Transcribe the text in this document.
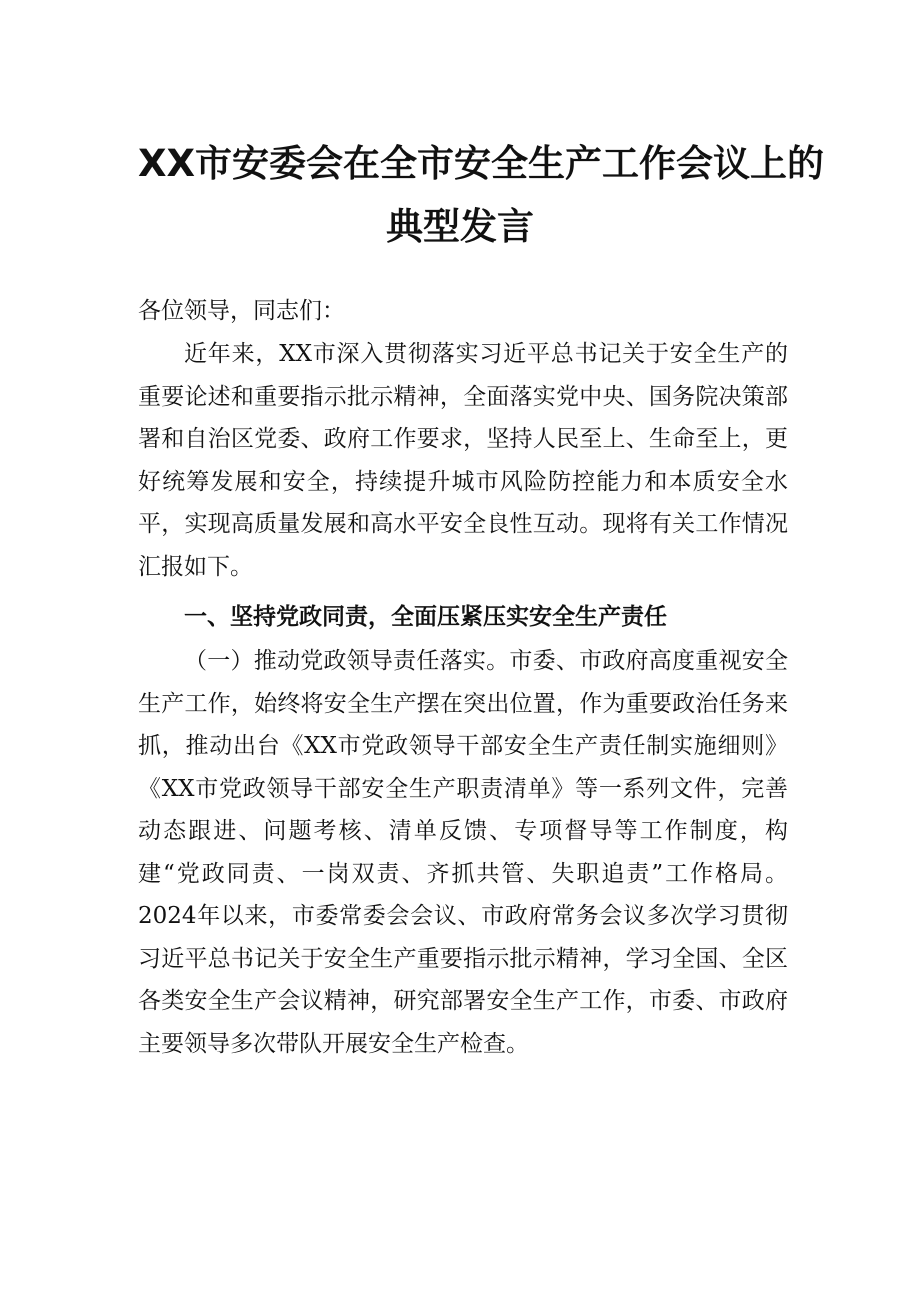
XX市安委会在全市安全生产工作会议上的
典型发言

各位领导，同志们：

近年来，XX市深入贯彻落实习近平总书记关于安全生产的重要论述和重要指示批示精神，全面落实党中央、国务院决策部署和自治区党委、政府工作要求，坚持人民至上、生命至上，更好统筹发展和安全，持续提升城市风险防控能力和本质安全水平，实现高质量发展和高水平安全良性互动。现将有关工作情况汇报如下。

一、坚持党政同责，全面压紧压实安全生产责任

（一）推动党政领导责任落实。市委、市政府高度重视安全生产工作，始终将安全生产摆在突出位置，作为重要政治任务来抓，推动出台《XX市党政领导干部安全生产责任制实施细则》《XX市党政领导干部安全生产职责清单》等一系列文件，完善动态跟进、问题考核、清单反馈、专项督导等工作制度，构建“党政同责、一岗双责、齐抓共管、失职追责”工作格局。2024年以来，市委常委会会议、市政府常务会议多次学习贯彻习近平总书记关于安全生产重要指示批示精神，学习全国、全区各类安全生产会议精神，研究部署安全生产工作，市委、市政府主要领导多次带队开展安全生产检查。
